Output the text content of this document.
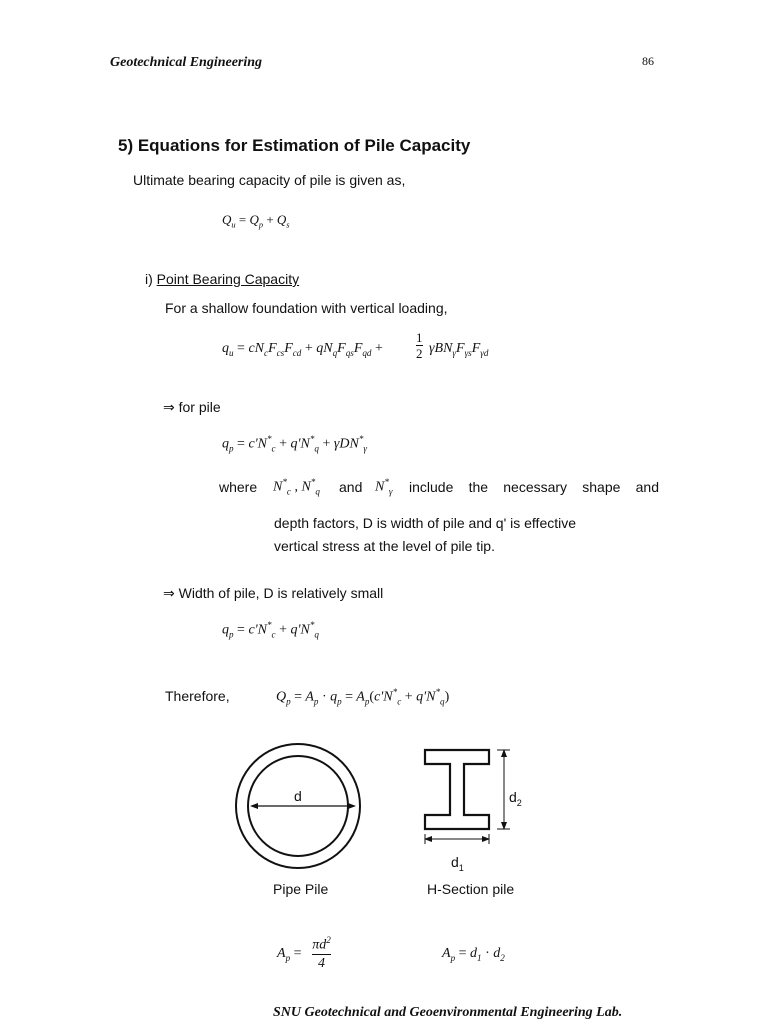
Geotechnical Engineering	86
5) Equations for Estimation of Pile Capacity
Ultimate bearing capacity of pile is given as,
$Q_u = Q_p + Q_s$
i) Point Bearing Capacity
For a shallow foundation with vertical loading,
$q_u = cN_cF_{cs}F_{cd} + qN_qF_{qs}F_{qd}$ +
1
2 $\gamma BN_\gamma F_{\gamma s}F_{\gamma d}$
⇒ for pile
$q_p = c'N^*_c + q'N^*_q + \gamma DN^*_\gamma$
where $N^*_c$ , $N^*_q$ and $N^*_\gamma$ include the necessary shape and
depth factors, D is width of pile and q' is effective
vertical stress at the level of pile tip.
⇒ Width of pile, D is relatively small
$q_p = c'N^*_c + q'N^*_q$
Therefore,	$Q_p = A_p \cdot q_p = A_p(c'N^*_c + q'N^*_q)$
d	$d_2$
$d_1$
Pipe Pile	H-Section pile
$A_p$ =
$\pi d^2$
4
$A_p = d_1 \cdot d_2$
SNU Geotechnical and Geoenvironmental Engineering Lab.
